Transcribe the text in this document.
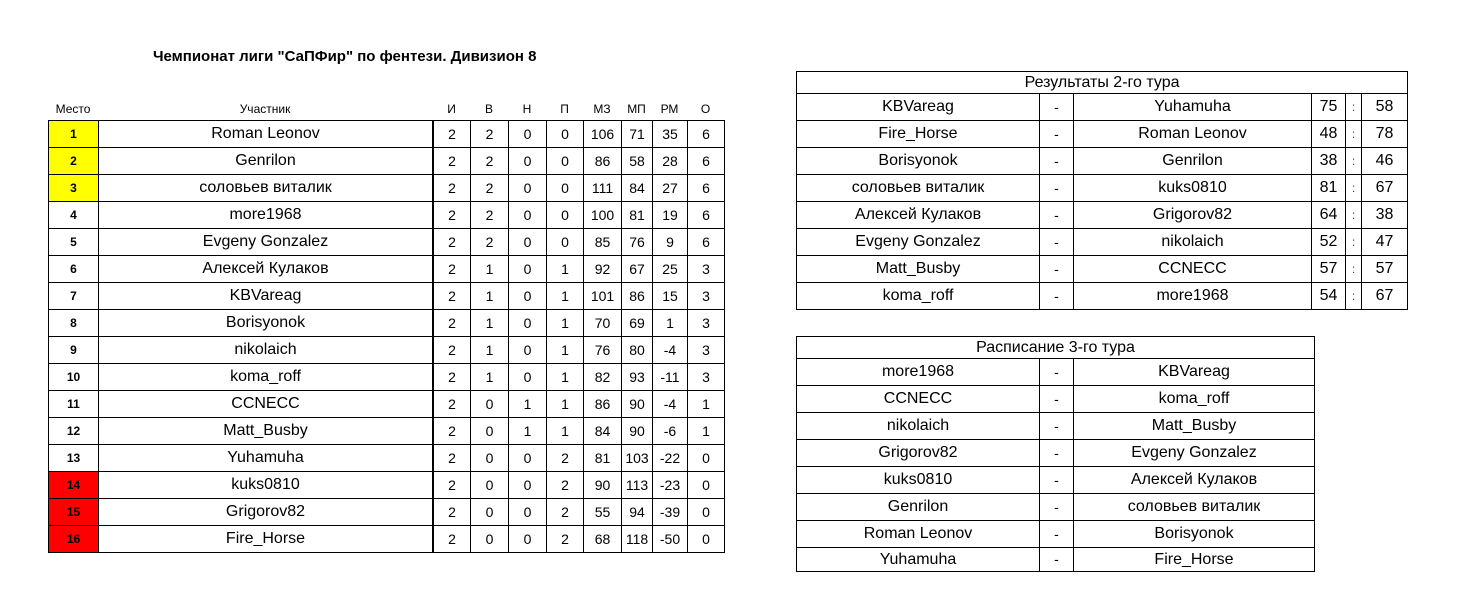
Чемпионат лиги "СаПФир" по фентези. Дивизион 8
Место	Участник	И	В	Н	П	МЗ	МП	РМ	О
1	Roman Leonov		2	2	0	0	106	71	35	6
2	Genrilon		2	2	0	0	86	58	28	6
3	соловьев виталик		2	2	0	0	111	84	27	6
4	more1968		2	2	0	0	100	81	19	6
5	Evgeny Gonzalez		2	2	0	0	85	76	9	6
6	Алексей Кулаков		2	1	0	1	92	67	25	3
7	KBVareag		2	1	0	1	101	86	15	3
8	Borisyonok		2	1	0	1	70	69	1	3
9	nikolaich		2	1	0	1	76	80	-4	3
10	koma_roff		2	1	0	1	82	93	-11	3
11	CCNECC		2	0	1	1	86	90	-4	1
12	Matt_Busby		2	0	1	1	84	90	-6	1
13	Yuhamuha		2	0	0	2	81	103	-22	0
14	kuks0810		2	0	0	2	90	113	-23	0
15	Grigorov82		2	0	0	2	55	94	-39	0
16	Fire_Horse		2	0	0	2	68	118	-50	0
Результаты 2-го тура					
KBVareag	-	Yuhamuha	75	:	58
Fire_Horse	-	Roman Leonov	48	:	78
Borisyonok	-	Genrilon	38	:	46
соловьев виталик	-	kuks0810	81	:	67
Алексей Кулаков	-	Grigorov82	64	:	38
Evgeny Gonzalez	-	nikolaich	52	:	47
Matt_Busby	-	CCNECC	57	:	57
koma_roff	-	more1968	54	:	67
Расписание 3-го тура		
more1968	-	KBVareag
CCNECC	-	koma_roff
nikolaich	-	Matt_Busby
Grigorov82	-	Evgeny Gonzalez
kuks0810	-	Алексей Кулаков
Genrilon	-	соловьев виталик
Roman Leonov	-	Borisyonok
Yuhamuha	-	Fire_Horse
